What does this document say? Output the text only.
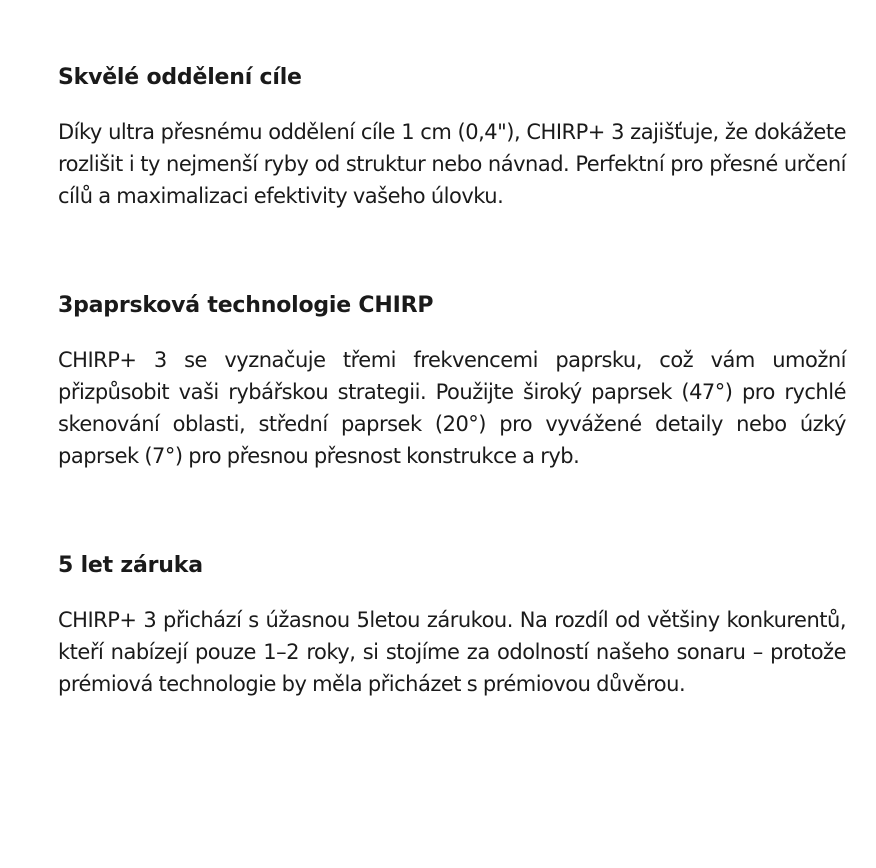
Skvělé oddělení cíle

Díky ultra přesnému oddělení cíle 1 cm (0,4"), CHIRP+ 3 zajišťuje, že dokážete rozlišit i ty nejmenší ryby od struktur nebo návnad. Perfektní pro přesné určení cílů a maximalizaci efektivity vašeho úlovku.

3paprsková technologie CHIRP

CHIRP+ 3 se vyznačuje třemi frekvencemi paprsku, což vám umožní přizpůsobit vaši rybářskou strategii. Použijte široký paprsek (47°) pro rychlé skenování oblasti, střední paprsek (20°) pro vyvážené detaily nebo úzký paprsek (7°) pro přesnou přesnost konstrukce a ryb.

5 let záruka

CHIRP+ 3 přichází s úžasnou 5letou zárukou. Na rozdíl od většiny konkurentů, kteří nabízejí pouze 1–2 roky, si stojíme za odolností našeho sonaru – protože prémiová technologie by měla přicházet s prémiovou důvěrou.
